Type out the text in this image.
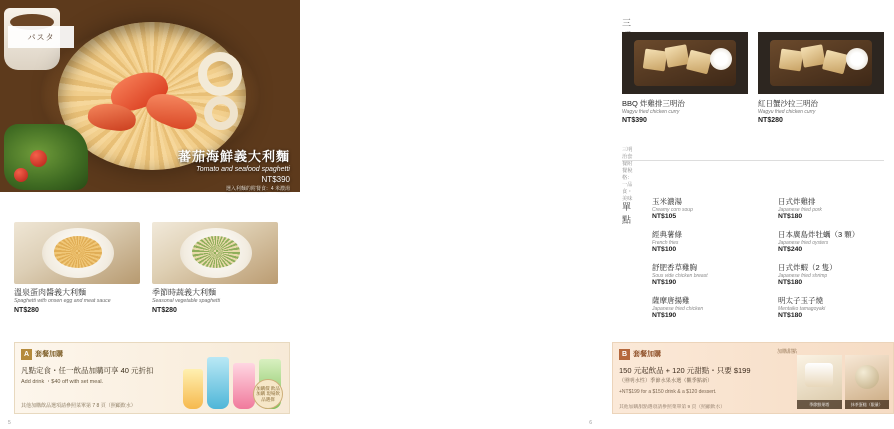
パスタ
蕃茄海鮮義大利麵
Tomato and seafood spaghetti
NT$390
選入利麵的附餐食：4 米濃湯
溫泉蛋肉醬義大利麵
Spaghetti with onsen egg and meat sauce
NT$280
季節時蔬義大利麵
Seasonal vegetable spaghetti
NT$280
A 套餐加購
凡點定食・任一飲品加購可享 40 元折扣
Add drink ・$40 off with set meal.
其他加購飲品選項請參照菜單第 7 8 頁（照顧飲水）
加購價 飲品加購 現場飲品選擇
5
三
BBQ 炸雞排三明治
Wagyu fried chicken curry
NT$390
紅日蟹沙拉三明治
Wagyu fried chicken curry
NT$280
三明治套餐附餐稅格：一品食・美味
單點
玉米濃湯
Creamy corn soup
NT$105
日式炸雞排
Japanese fried pork
NT$180
經典薯條
French fries
NT$100
日本廣島炸牡蠣（3 顆）
Japanese fried oysters
NT$240
舒肥香草雞胸
Sous vide chicken breast
NT$190
日式炸蝦（2 隻）
Japanese fried shrimp
NT$180
薩摩唐揚雞
Japanese fried chicken
NT$190
明太子玉子燒
Mentaiko tamagoyaki
NT$180
B 套餐加購
150 元起飲品 + 120 元甜點・只要 $199
（照明水性）季節水果水選（觀季點新）
+NT$199 for a $150 drink & a $120 dessert.
其他加購甜點選項請參照菜單第 9 頁（照顧飲水）
加購甜點
季節鮮果塔	抹茶蛋糕（限量）
6
